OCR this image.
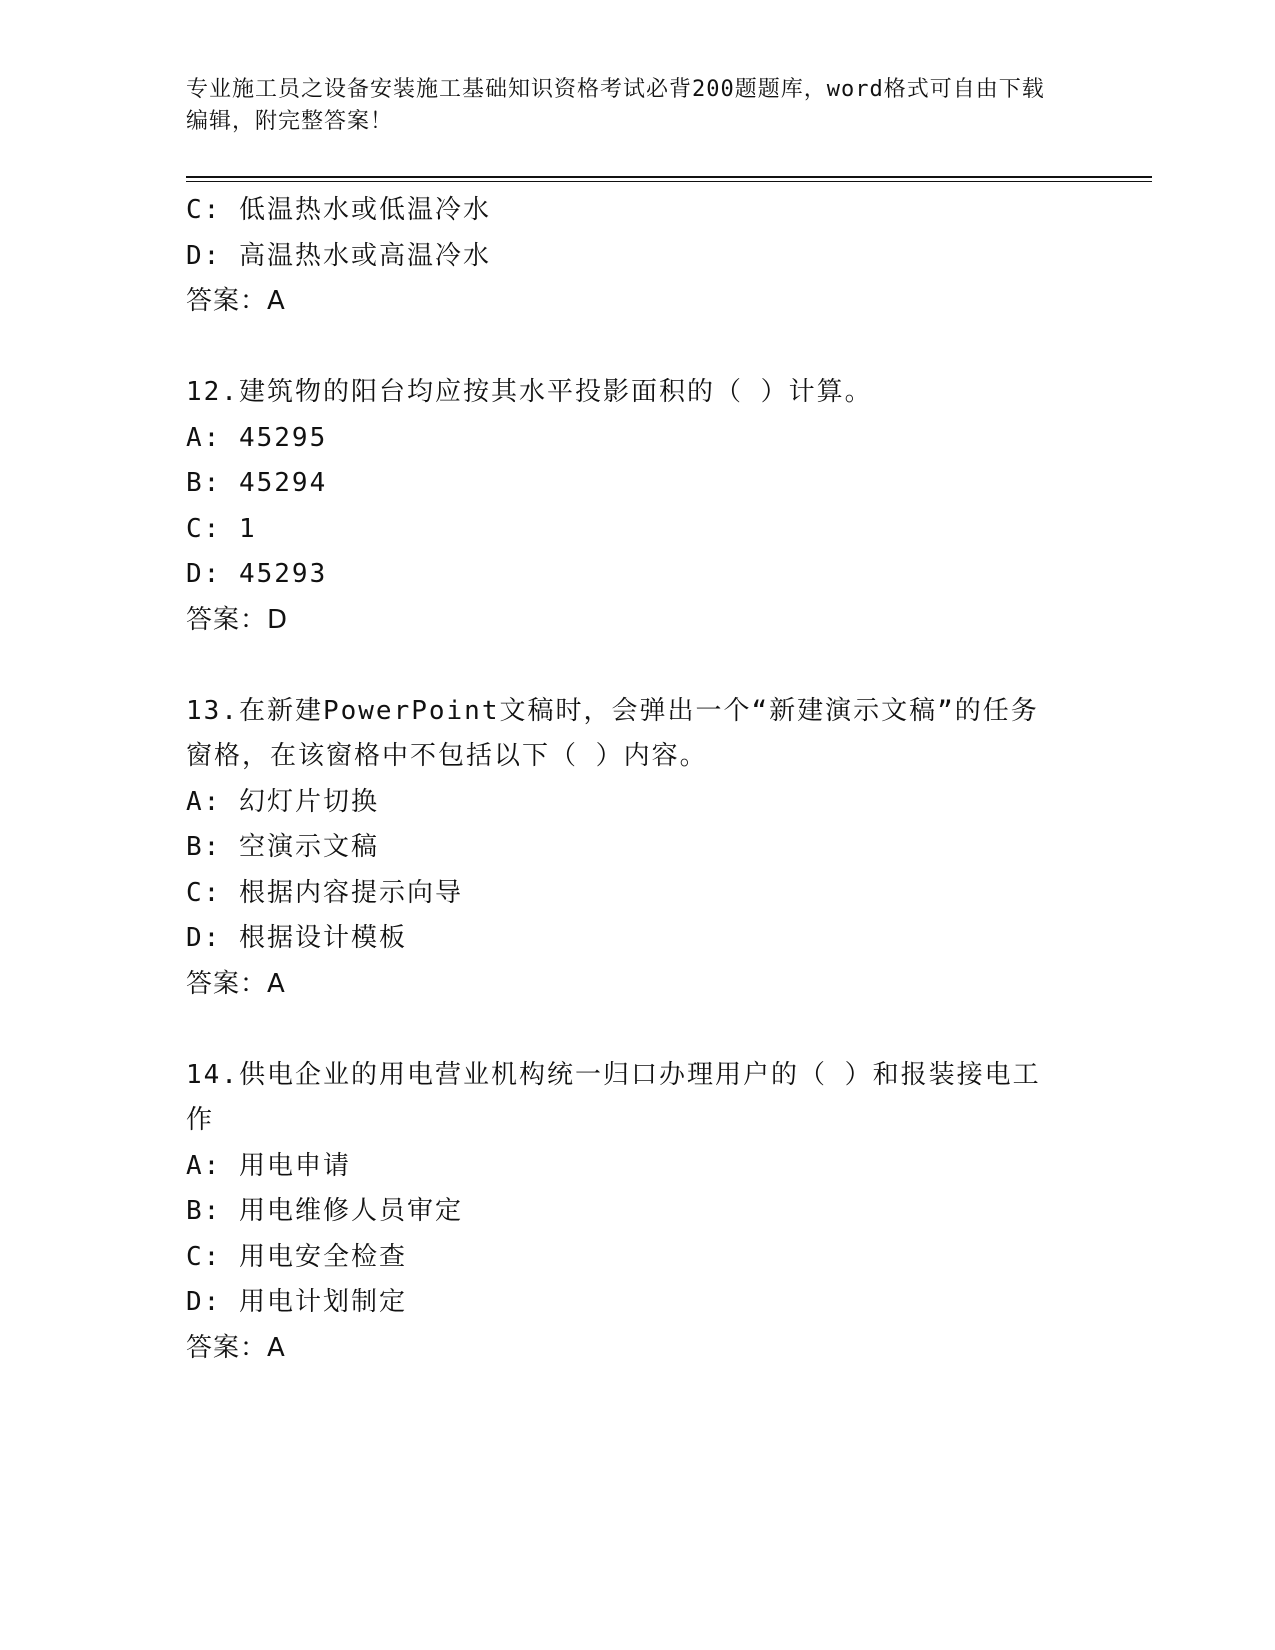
专业施工员之设备安装施工基础知识资格考试必背200题题库，word格式可自由下载编辑，附完整答案！
C: 低温热水或低温冷水
D: 高温热水或高温冷水
答案：A
12.建筑物的阳台均应按其水平投影面积的（ ）计算。
A: 45295
B: 45294
C: 1
D: 45293
答案：D
13.在新建PowerPoint文稿时，会弹出一个“新建演示文稿”的任务窗格，在该窗格中不包括以下（ ）内容。
A: 幻灯片切换
B: 空演示文稿
C: 根据内容提示向导
D: 根据设计模板
答案：A
14.供电企业的用电营业机构统一归口办理用户的（ ）和报装接电工作
A: 用电申请
B: 用电维修人员审定
C: 用电安全检查
D: 用电计划制定
答案：A
